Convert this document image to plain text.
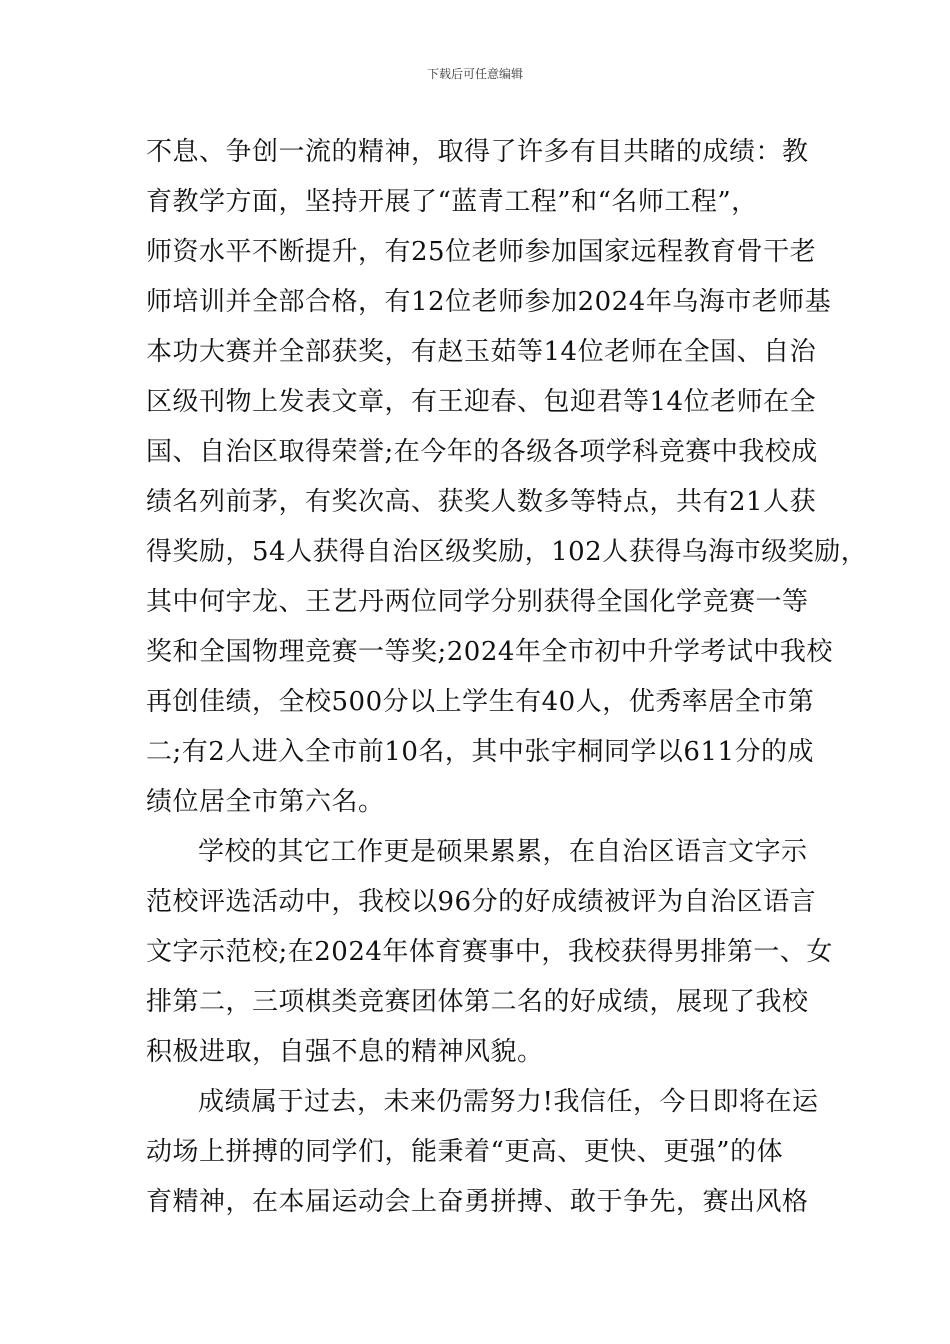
下载后可任意编辑
不息、争创一流的精神，取得了许多有目共睹的成绩：教
育教学方面，坚持开展了“蓝青工程”和“名师工程”，
师资水平不断提升，有25位老师参加国家远程教育骨干老
师培训并全部合格，有12位老师参加2024年乌海市老师基
本功大赛并全部获奖，有赵玉茹等14位老师在全国、自治
区级刊物上发表文章，有王迎春、包迎君等14位老师在全
国、自治区取得荣誉;在今年的各级各项学科竞赛中我校成
绩名列前茅，有奖次高、获奖人数多等特点，共有21人获
得奖励，54人获得自治区级奖励，102人获得乌海市级奖励，
其中何宇龙、王艺丹两位同学分别获得全国化学竞赛一等
奖和全国物理竞赛一等奖;2024年全市初中升学考试中我校
再创佳绩，全校500分以上学生有40人，优秀率居全市第
二;有2人进入全市前10名，其中张宇桐同学以611分的成
绩位居全市第六名。
学校的其它工作更是硕果累累，在自治区语言文字示
范校评选活动中，我校以96分的好成绩被评为自治区语言
文字示范校;在2024年体育赛事中，我校获得男排第一、女
排第二，三项棋类竞赛团体第二名的好成绩，展现了我校
积极进取，自强不息的精神风貌。
成绩属于过去，未来仍需努力!我信任，今日即将在运
动场上拼搏的同学们，能秉着“更高、更快、更强”的体
育精神，在本届运动会上奋勇拼搏、敢于争先，赛出风格
